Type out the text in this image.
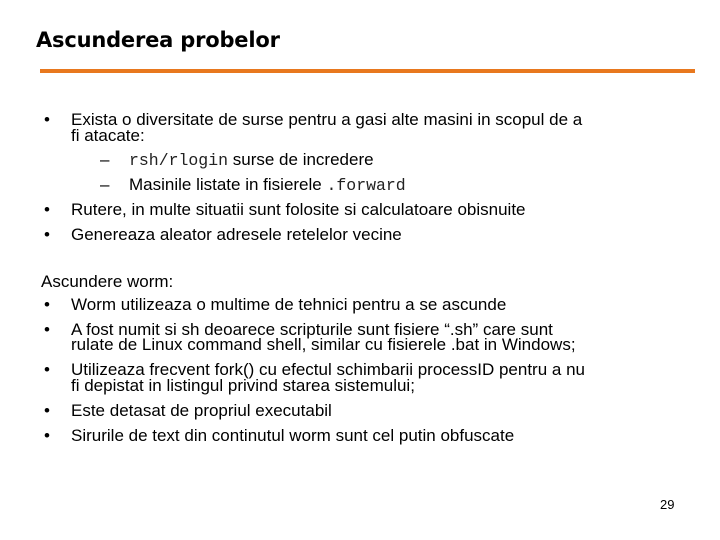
Ascunderea probelor
• Exista o diversitate de surse pentru a gasi alte masini in scopul de a
fi atacate:
– rsh/rlogin surse de incredere
– Masinile listate in fisierele .forward
• Rutere, in multe situatii sunt folosite si calculatoare obisnuite
• Genereaza aleator adresele retelelor vecine
Ascundere worm:
• Worm utilizeaza o multime de tehnici pentru a se ascunde
• A fost numit si sh deoarece scripturile sunt fisiere “.sh” care sunt
rulate de Linux command shell, similar cu fisierele .bat in Windows;
• Utilizeaza frecvent fork() cu efectul schimbarii processID pentru a nu
fi depistat in listingul privind starea sistemului;
• Este detasat de propriul executabil
• Sirurile de text din continutul worm sunt cel putin obfuscate
29
